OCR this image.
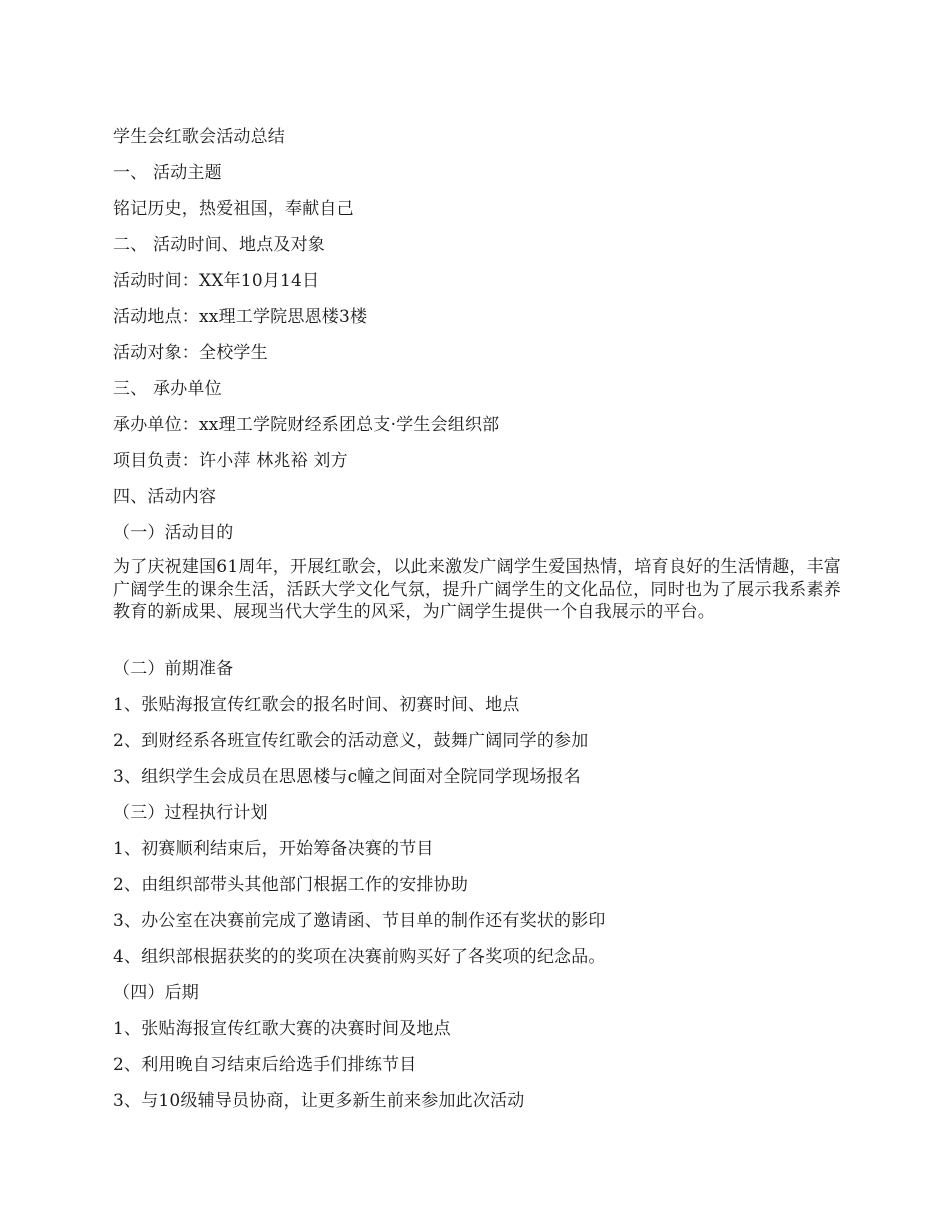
学生会红歌会活动总结
一、 活动主题
铭记历史，热爱祖国，奉献自己
二、 活动时间、地点及对象
活动时间：XX年10月14日
活动地点：xx理工学院思恩楼3楼
活动对象：全校学生
三、 承办单位
承办单位：xx理工学院财经系团总支·学生会组织部
项目负责：许小萍 林兆裕 刘方
四、活动内容
（一）活动目的
为了庆祝建国61周年，开展红歌会，以此来激发广阔学生爱国热情，培育良好的生活情趣，丰富广阔学生的课余生活，活跃大学文化气氛，提升广阔学生的文化品位，同时也为了展示我系素养教育的新成果、展现当代大学生的风采，为广阔学生提供一个自我展示的平台。
（二）前期准备
1、张贴海报宣传红歌会的报名时间、初赛时间、地点
2、到财经系各班宣传红歌会的活动意义，鼓舞广阔同学的参加
3、组织学生会成员在思恩楼与c幢之间面对全院同学现场报名
（三）过程执行计划
1、初赛顺利结束后，开始筹备决赛的节目
2、由组织部带头其他部门根据工作的安排协助
3、办公室在决赛前完成了邀请函、节目单的制作还有奖状的影印
4、组织部根据获奖的的奖项在决赛前购买好了各奖项的纪念品。
（四）后期
1、张贴海报宣传红歌大赛的决赛时间及地点
2、利用晚自习结束后给选手们排练节目
3、与10级辅导员协商，让更多新生前来参加此次活动
